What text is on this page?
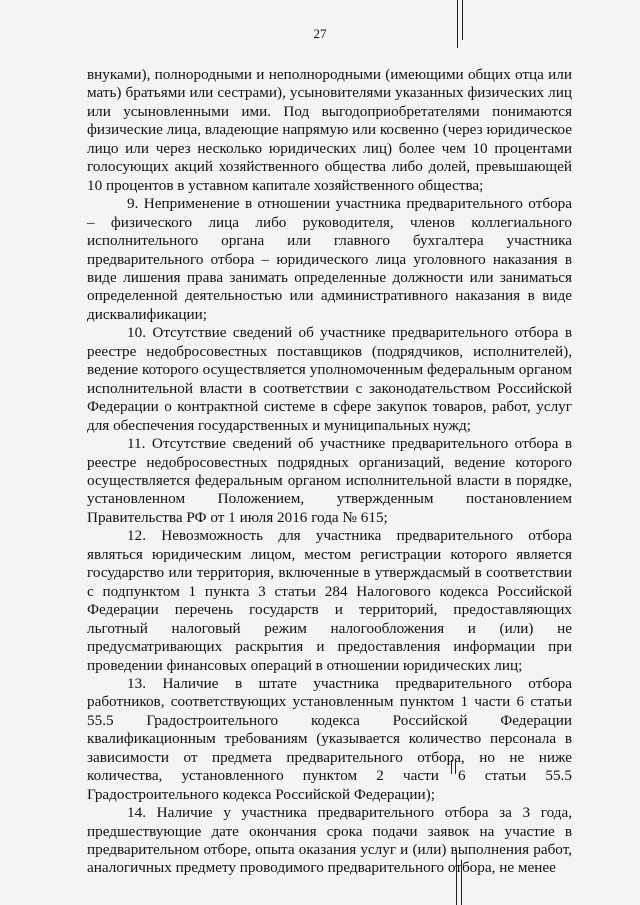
27

внуками), полнородными и неполнородными (имеющими общих отца или мать) братьями или сестрами), усыновителями указанных физических лиц или усыновленными ими. Под выгодоприобретателями понимаются физические лица, владеющие напрямую или косвенно (через юридическое лицо или через несколько юридических лиц) более чем 10 процентами голосующих акций хозяйственного общества либо долей, превышающей 10 процентов в уставном капитале хозяйственного общества;

9. Неприменение в отношении участника предварительного отбора – физического лица либо руководителя, членов коллегиального исполнительного органа или главного бухгалтера участника предварительного отбора – юридического лица уголовного наказания в виде лишения права занимать определенные должности или заниматься определенной деятельностью или административного наказания в виде дисквалификации;

10. Отсутствие сведений об участнике предварительного отбора в реестре недобросовестных поставщиков (подрядчиков, исполнителей), ведение которого осуществляется уполномоченным федеральным органом исполнительной власти в соответствии с законодательством Российской Федерации о контрактной системе в сфере закупок товаров, работ, услуг для обеспечения государственных и муниципальных нужд;

11. Отсутствие сведений об участнике предварительного отбора в реестре недобросовестных подрядных организаций, ведение которого осуществляется федеральным органом исполнительной власти в порядке, установленном Положением, утвержденным постановлением Правительства РФ от 1 июля 2016 года № 615;

12. Невозможность для участника предварительного отбора являться юридическим лицом, местом регистрации которого является государство или территория, включенные в утверждасмый в соответствии с подпунктом 1 пункта 3 статьи 284 Налогового кодекса Российской Федерации перечень государств и территорий, предоставляющих льготный налоговый режим налогообложения и (или) не предусматривающих раскрытия и предоставления информации при проведении финансовых операций в отношении юридических лиц;

13. Наличие в штате участника предварительного отбора работников, соответствующих установленным пунктом 1 части 6 статьи 55.5 Градостроительного кодекса Российской Федерации квалификационным требованиям (указывается количество персонала в зависимости от предмета предварительного отбора, но не ниже количества, установленного пунктом 2 части 6 статьи 55.5 Градостроительного кодекса Российской Федерации);

14. Наличие у участника предварительного отбора за 3 года, предшествующие дате окончания срока подачи заявок на участие в предварительном отборе, опыта оказания услуг и (или) выполнения работ, аналогичных предмету проводимого предварительного отбора, не менее
